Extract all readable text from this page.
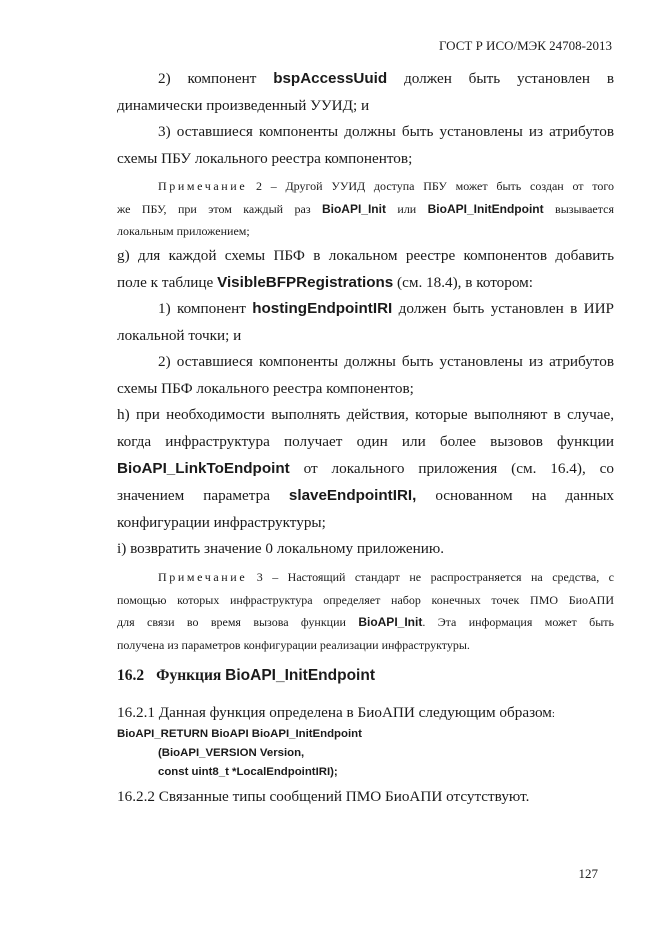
ГОСТ Р ИСО/МЭК 24708-2013
2) компонент bspAccessUuid должен быть установлен в
динамически произведенный УУИД; и
3) оставшиеся компоненты должны быть установлены из атрибутов
схемы ПБУ локального реестра компонентов;
Примечание 2 – Другой УУИД доступа ПБУ может быть создан от того
же ПБУ, при этом каждый раз BioAPI_Init или BioAPI_InitEndpoint вызывается
локальным приложением;
g) для каждой схемы ПБФ в локальном реестре компонентов добавить
поле к таблице VisibleBFPRegistrations (см. 18.4), в котором:
1) компонент hostingEndpointIRI должен быть установлен в ИИР
локальной точки; и
2) оставшиеся компоненты должны быть установлены из атрибутов
схемы ПБФ локального реестра компонентов;
h) при необходимости выполнять действия, которые выполняют в случае,
когда инфраструктура получает один или более вызовов функции
BioAPI_LinkToEndpoint от локального приложения (см. 16.4), со
значением параметра slaveEndpointIRI, основанном на данных
конфигурации инфраструктуры;
i) возвратить значение 0 локальному приложению.
Примечание 3 – Настоящий стандарт не распространяется на средства, с
помощью которых инфраструктура определяет набор конечных точек ПМО БиоАПИ
для связи во время вызова функции BioAPI_Init. Эта информация может быть
получена из параметров конфигурации реализации инфраструктуры.
16.2 Функция BioAPI_InitEndpoint
16.2.1 Данная функция определена в БиоАПИ следующим образом:
BioAPI_RETURN BioAPI BioAPI_InitEndpoint
(BioAPI_VERSION Version,
const uint8_t *LocalEndpointIRI);
16.2.2 Связанные типы сообщений ПМО БиоАПИ отсутствуют.
127
